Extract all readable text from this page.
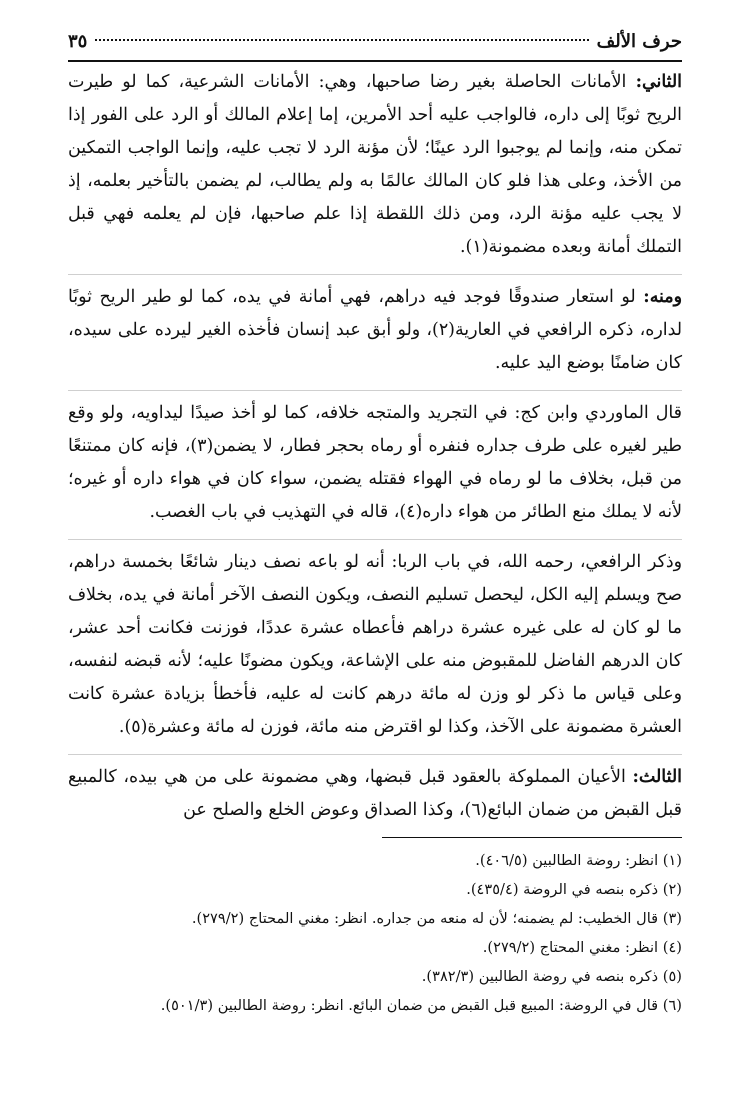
حرف الألف
٣٥

الثاني: الأمانات الحاصلة بغير رضا صاحبها، وهي: الأمانات الشرعية، كما لو طيرت الريح ثوبًا إلى داره، فالواجب عليه أحد الأمرين، إما إعلام المالك أو الرد على الفور إذا تمكن منه، وإنما لم يوجبوا الرد عينًا؛ لأن مؤنة الرد لا تجب عليه، وإنما الواجب التمكين من الأخذ، وعلى هذا فلو كان المالك عالمًا به ولم يطالب، لم يضمن بالتأخير بعلمه، إذ لا يجب عليه مؤنة الرد، ومن ذلك اللقطة إذا علم صاحبها، فإن لم يعلمه فهي قبل التملك أمانة وبعده مضمونة(١).

ومنه: لو استعار صندوقًا فوجد فيه دراهم، فهي أمانة في يده، كما لو طير الريح ثوبًا لداره، ذكره الرافعي في العارية(٢)، ولو أبق عبد إنسان فأخذه الغير ليرده على سيده، كان ضامنًا بوضع اليد عليه.

قال الماوردي وابن كج: في التجريد والمتجه خلافه، كما لو أخذ صيدًا ليداويه، ولو وقع طير لغيره على طرف جداره فنفره أو رماه بحجر فطار، لا يضمن(٣)، فإنه كان ممتنعًا من قبل، بخلاف ما لو رماه في الهواء فقتله يضمن، سواء كان في هواء داره أو غيره؛ لأنه لا يملك منع الطائر من هواء داره(٤)، قاله في التهذيب في باب الغصب.

وذكر الرافعي، رحمه الله، في باب الربا: أنه لو باعه نصف دينار شائعًا بخمسة دراهم، صح ويسلم إليه الكل، ليحصل تسليم النصف، ويكون النصف الآخر أمانة في يده، بخلاف ما لو كان له على غيره عشرة دراهم فأعطاه عشرة عددًا، فوزنت فكانت أحد عشر، كان الدرهم الفاضل للمقبوض منه على الإشاعة، ويكون مضونًا عليه؛ لأنه قبضه لنفسه، وعلى قياس ما ذكر لو وزن له مائة درهم كانت له عليه، فأخطأ بزيادة عشرة كانت العشرة مضمونة على الآخذ، وكذا لو اقترض منه مائة، فوزن له مائة وعشرة(٥).

الثالث: الأعيان المملوكة بالعقود قبل قبضها، وهي مضمونة على من هي بيده، كالمبيع قبل القبض من ضمان البائع(٦)، وكذا الصداق وعوض الخلع والصلح عن

(١) انظر: روضة الطالبين (٤٠٦/٥).

(٢) ذكره بنصه في الروضة (٤٣٥/٤).

(٣) قال الخطيب: لم يضمنه؛ لأن له منعه من جداره. انظر: مغني المحتاج (٢٧٩/٢).

(٤) انظر: مغني المحتاج (٢٧٩/٢).

(٥) ذكره بنصه في روضة الطالبين (٣٨٢/٣).

(٦) قال في الروضة: المبيع قبل القبض من ضمان البائع. انظر: روضة الطالبين (٥٠١/٣).
